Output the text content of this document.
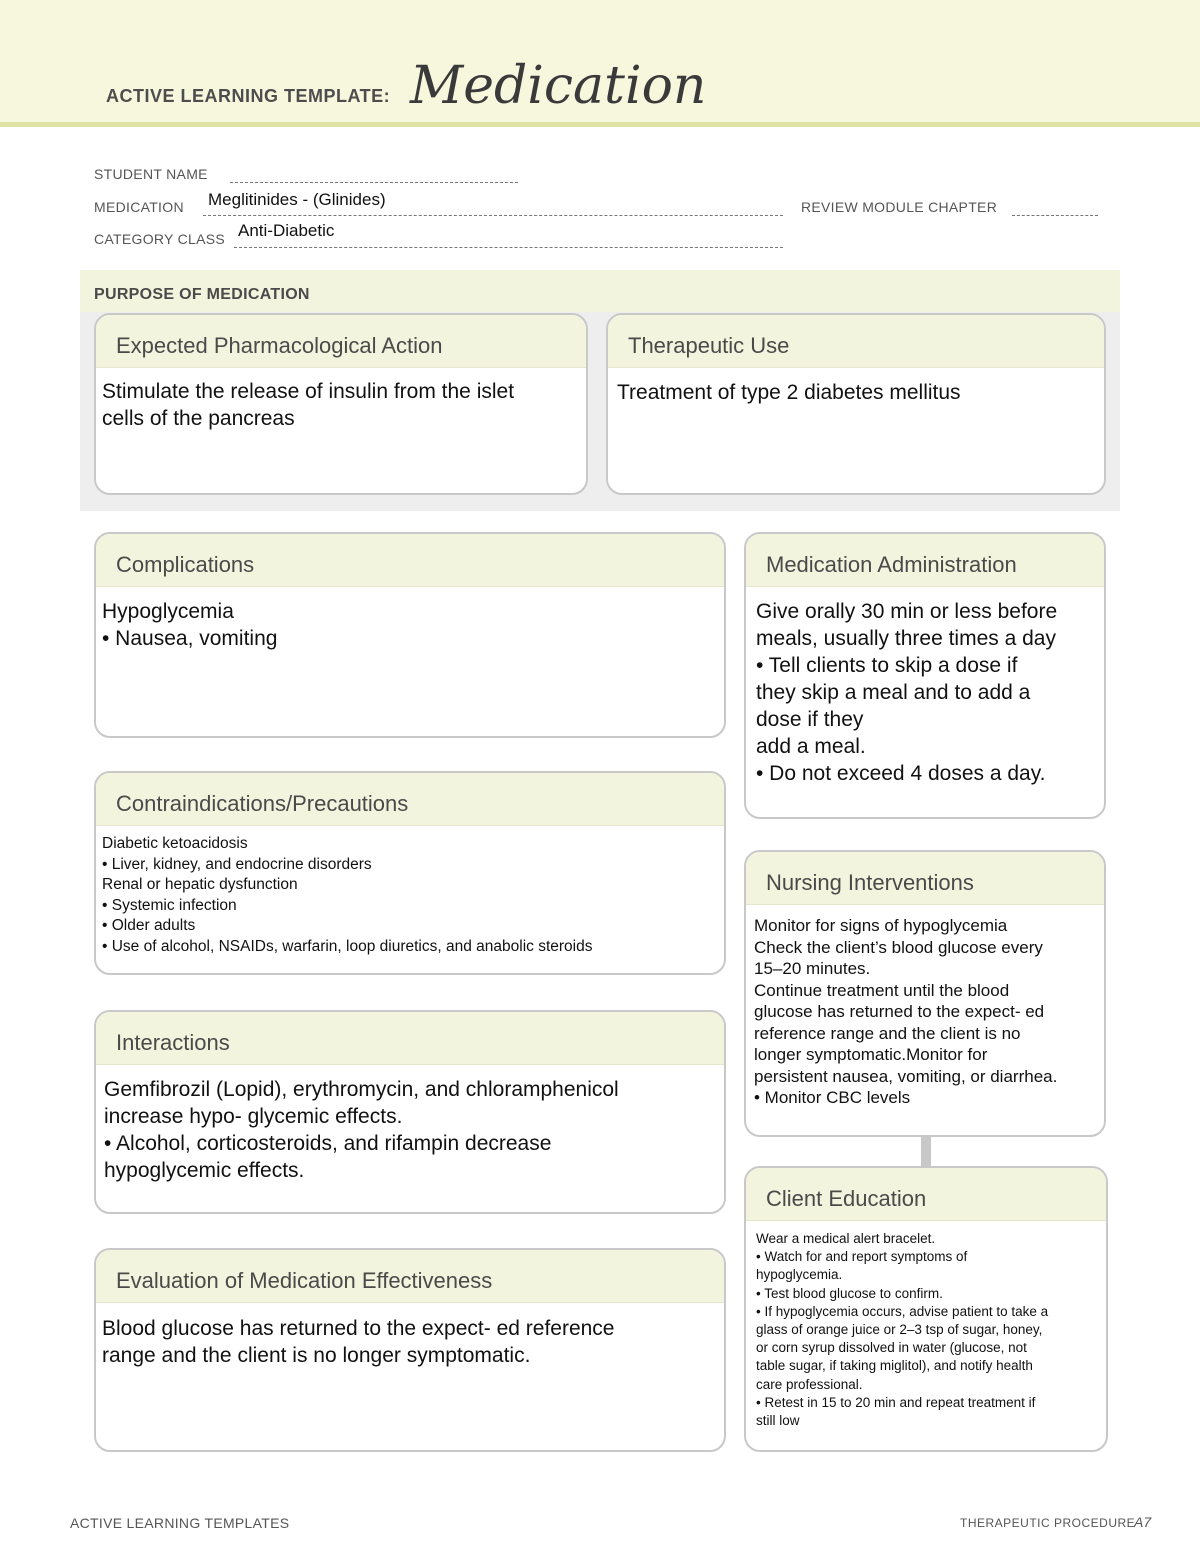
ACTIVE LEARNING TEMPLATE: Medication
STUDENT NAME
MEDICATION Meglitinides - (Glinides)	REVIEW MODULE CHAPTER
CATEGORY CLASS Anti-Diabetic
PURPOSE OF MEDICATION
Expected Pharmacological Action
Stimulate the release of insulin from the islet
cells of the pancreas
Therapeutic Use
Treatment of type 2 diabetes mellitus
Complications
Hypoglycemia
• Nausea, vomiting
Medication Administration
Give orally 30 min or less before
meals, usually three times a day
• Tell clients to skip a dose if
they skip a meal and to add a
dose if they
add a meal.
• Do not exceed 4 doses a day.
Contraindications/Precautions
Diabetic ketoacidosis
• Liver, kidney, and endocrine disorders
Renal or hepatic dysfunction
• Systemic infection
• Older adults
• Use of alcohol, NSAIDs, warfarin, loop diuretics, and anabolic steroids
Nursing Interventions
Monitor for signs of hypoglycemia
Check the client’s blood glucose every
15–20 minutes.
Continue treatment until the blood
glucose has returned to the expect- ed
reference range and the client is no
longer symptomatic.Monitor for
persistent nausea, vomiting, or diarrhea.
• Monitor CBC levels
Interactions
Gemfibrozil (Lopid), erythromycin, and chloramphenicol
increase hypo- glycemic effects.
• Alcohol, corticosteroids, and rifampin decrease
hypoglycemic effects.
Client Education
Wear a medical alert bracelet.
• Watch for and report symptoms of
hypoglycemia.
• Test blood glucose to confirm.
• If hypoglycemia occurs, advise patient to take a
glass of orange juice or 2–3 tsp of sugar, honey,
or corn syrup dissolved in water (glucose, not
table sugar, if taking miglitol), and notify health
care professional.
• Retest in 15 to 20 min and repeat treatment if
still low
Evaluation of Medication Effectiveness
Blood glucose has returned to the expect- ed reference
range and the client is no longer symptomatic.
ACTIVE LEARNING TEMPLATES	THERAPEUTIC PROCEDURE
A7
